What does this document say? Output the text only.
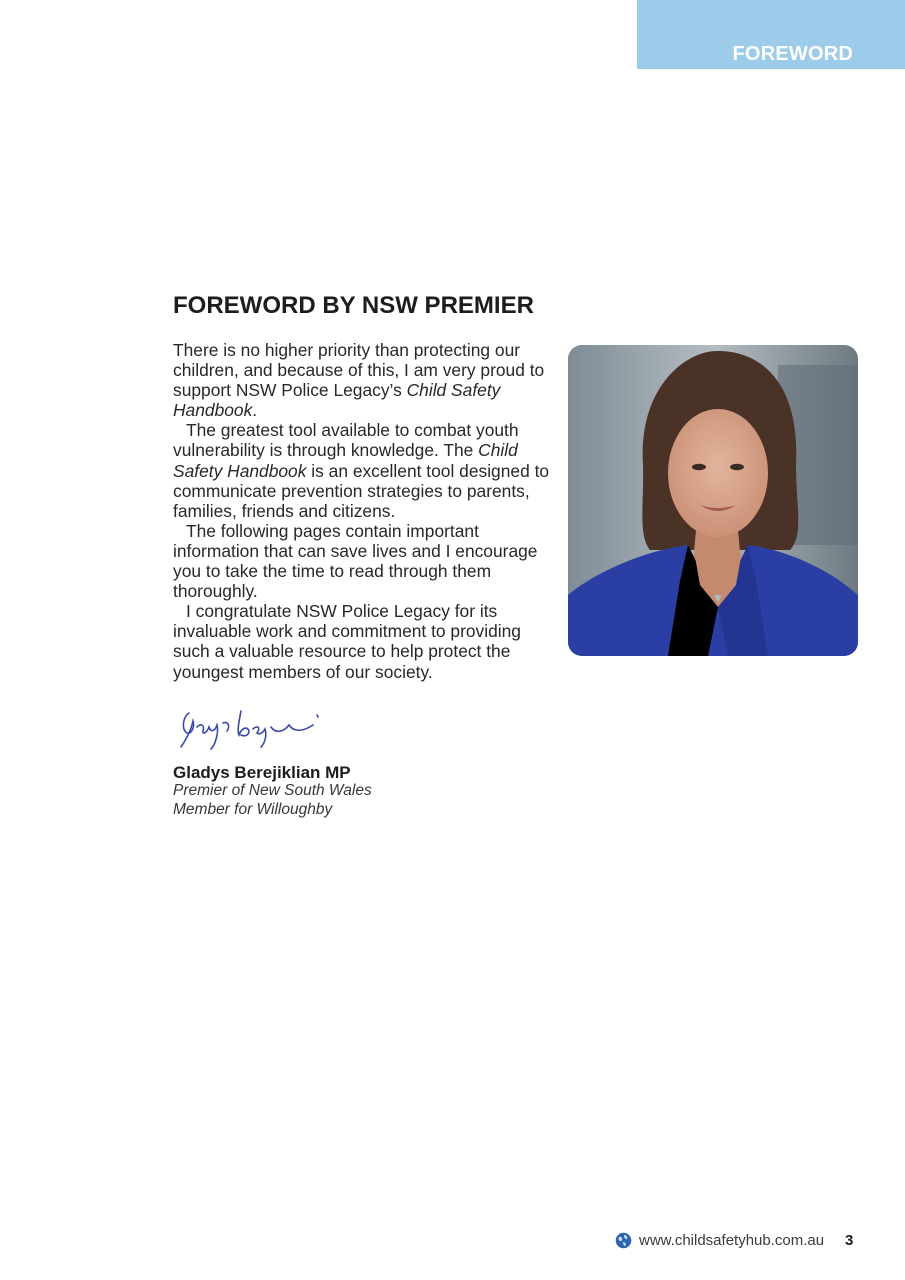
FOREWORD
FOREWORD BY NSW PREMIER

There is no higher priority than protecting our children, and because of this, I am very proud to support NSW Police Legacy’s Child Safety Handbook.

The greatest tool available to combat youth vulnerability is through knowledge. The Child Safety Handbook is an excellent tool designed to communicate prevention strategies to parents, families, friends and citizens.

The following pages contain important information that can save lives and I encourage you to take the time to read through them thoroughly.

I congratulate NSW Police Legacy for its invaluable work and commitment to providing such a valuable resource to help protect the youngest members of our society.

Gladys Berejiklian MP
Premier of New South Wales
Member for Willoughby
www.childsafetyhub.com.au 3
